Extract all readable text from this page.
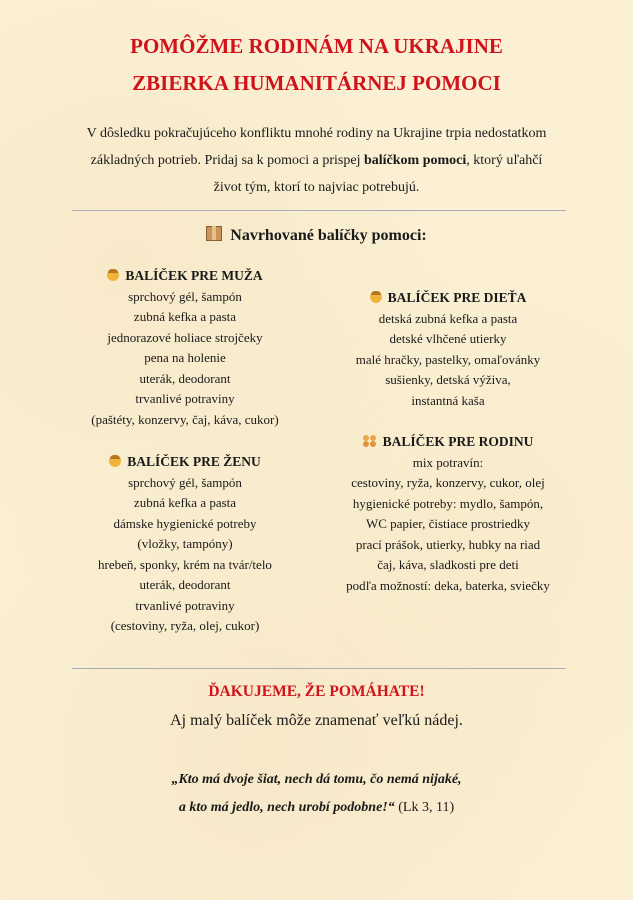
POMÔŽME RODINÁM NA UKRAJINE
ZBIERKA HUMANITÁRNEJ POMOCI

V dôsledku pokračujúceho konfliktu mnohé rodiny na Ukrajine trpia nedostatkom základných potrieb. Pridaj sa k pomoci a prispej balíčkom pomoci, ktorý uľahčí život tým, ktorí to najviac potrebujú.

Navrhované balíčky pomoci:
BALÍČEK PRE MUŽA
sprchový gél, šampón
zubná kefka a pasta
jednorazové holiace strojčeky
pena na holenie
uterák, deodorant
trvanlivé potraviny
(paštéty, konzervy, čaj, káva, cukor)
BALÍČEK PRE ŽENU
sprchový gél, šampón
zubná kefka a pasta
dámske hygienické potreby
(vložky, tampóny)
hrebeň, sponky, krém na tvár/telo
uterák, deodorant
trvanlivé potraviny
(cestoviny, ryža, olej, cukor)
BALÍČEK PRE DIEŤA
detská zubná kefka a pasta
detské vlhčené utierky
malé hračky, pastelky, omaľovánky
sušienky, detská výživa,
instantná kaša
BALÍČEK PRE RODINU
mix potravín:
cestoviny, ryža, konzervy, cukor, olej
hygienické potreby: mydlo, šampón,
WC papier, čistiace prostriedky
prací prášok, utierky, hubky na riad
čaj, káva, sladkosti pre deti
podľa možností: deka, baterka, sviečky
ĎAKUJEME, ŽE POMÁHATE!
Aj malý balíček môže znamenať veľkú nádej.
„Kto má dvoje šiat, nech dá tomu, čo nemá nijaké,
a kto má jedlo, nech urobí podobne!“ (Lk 3, 11)
